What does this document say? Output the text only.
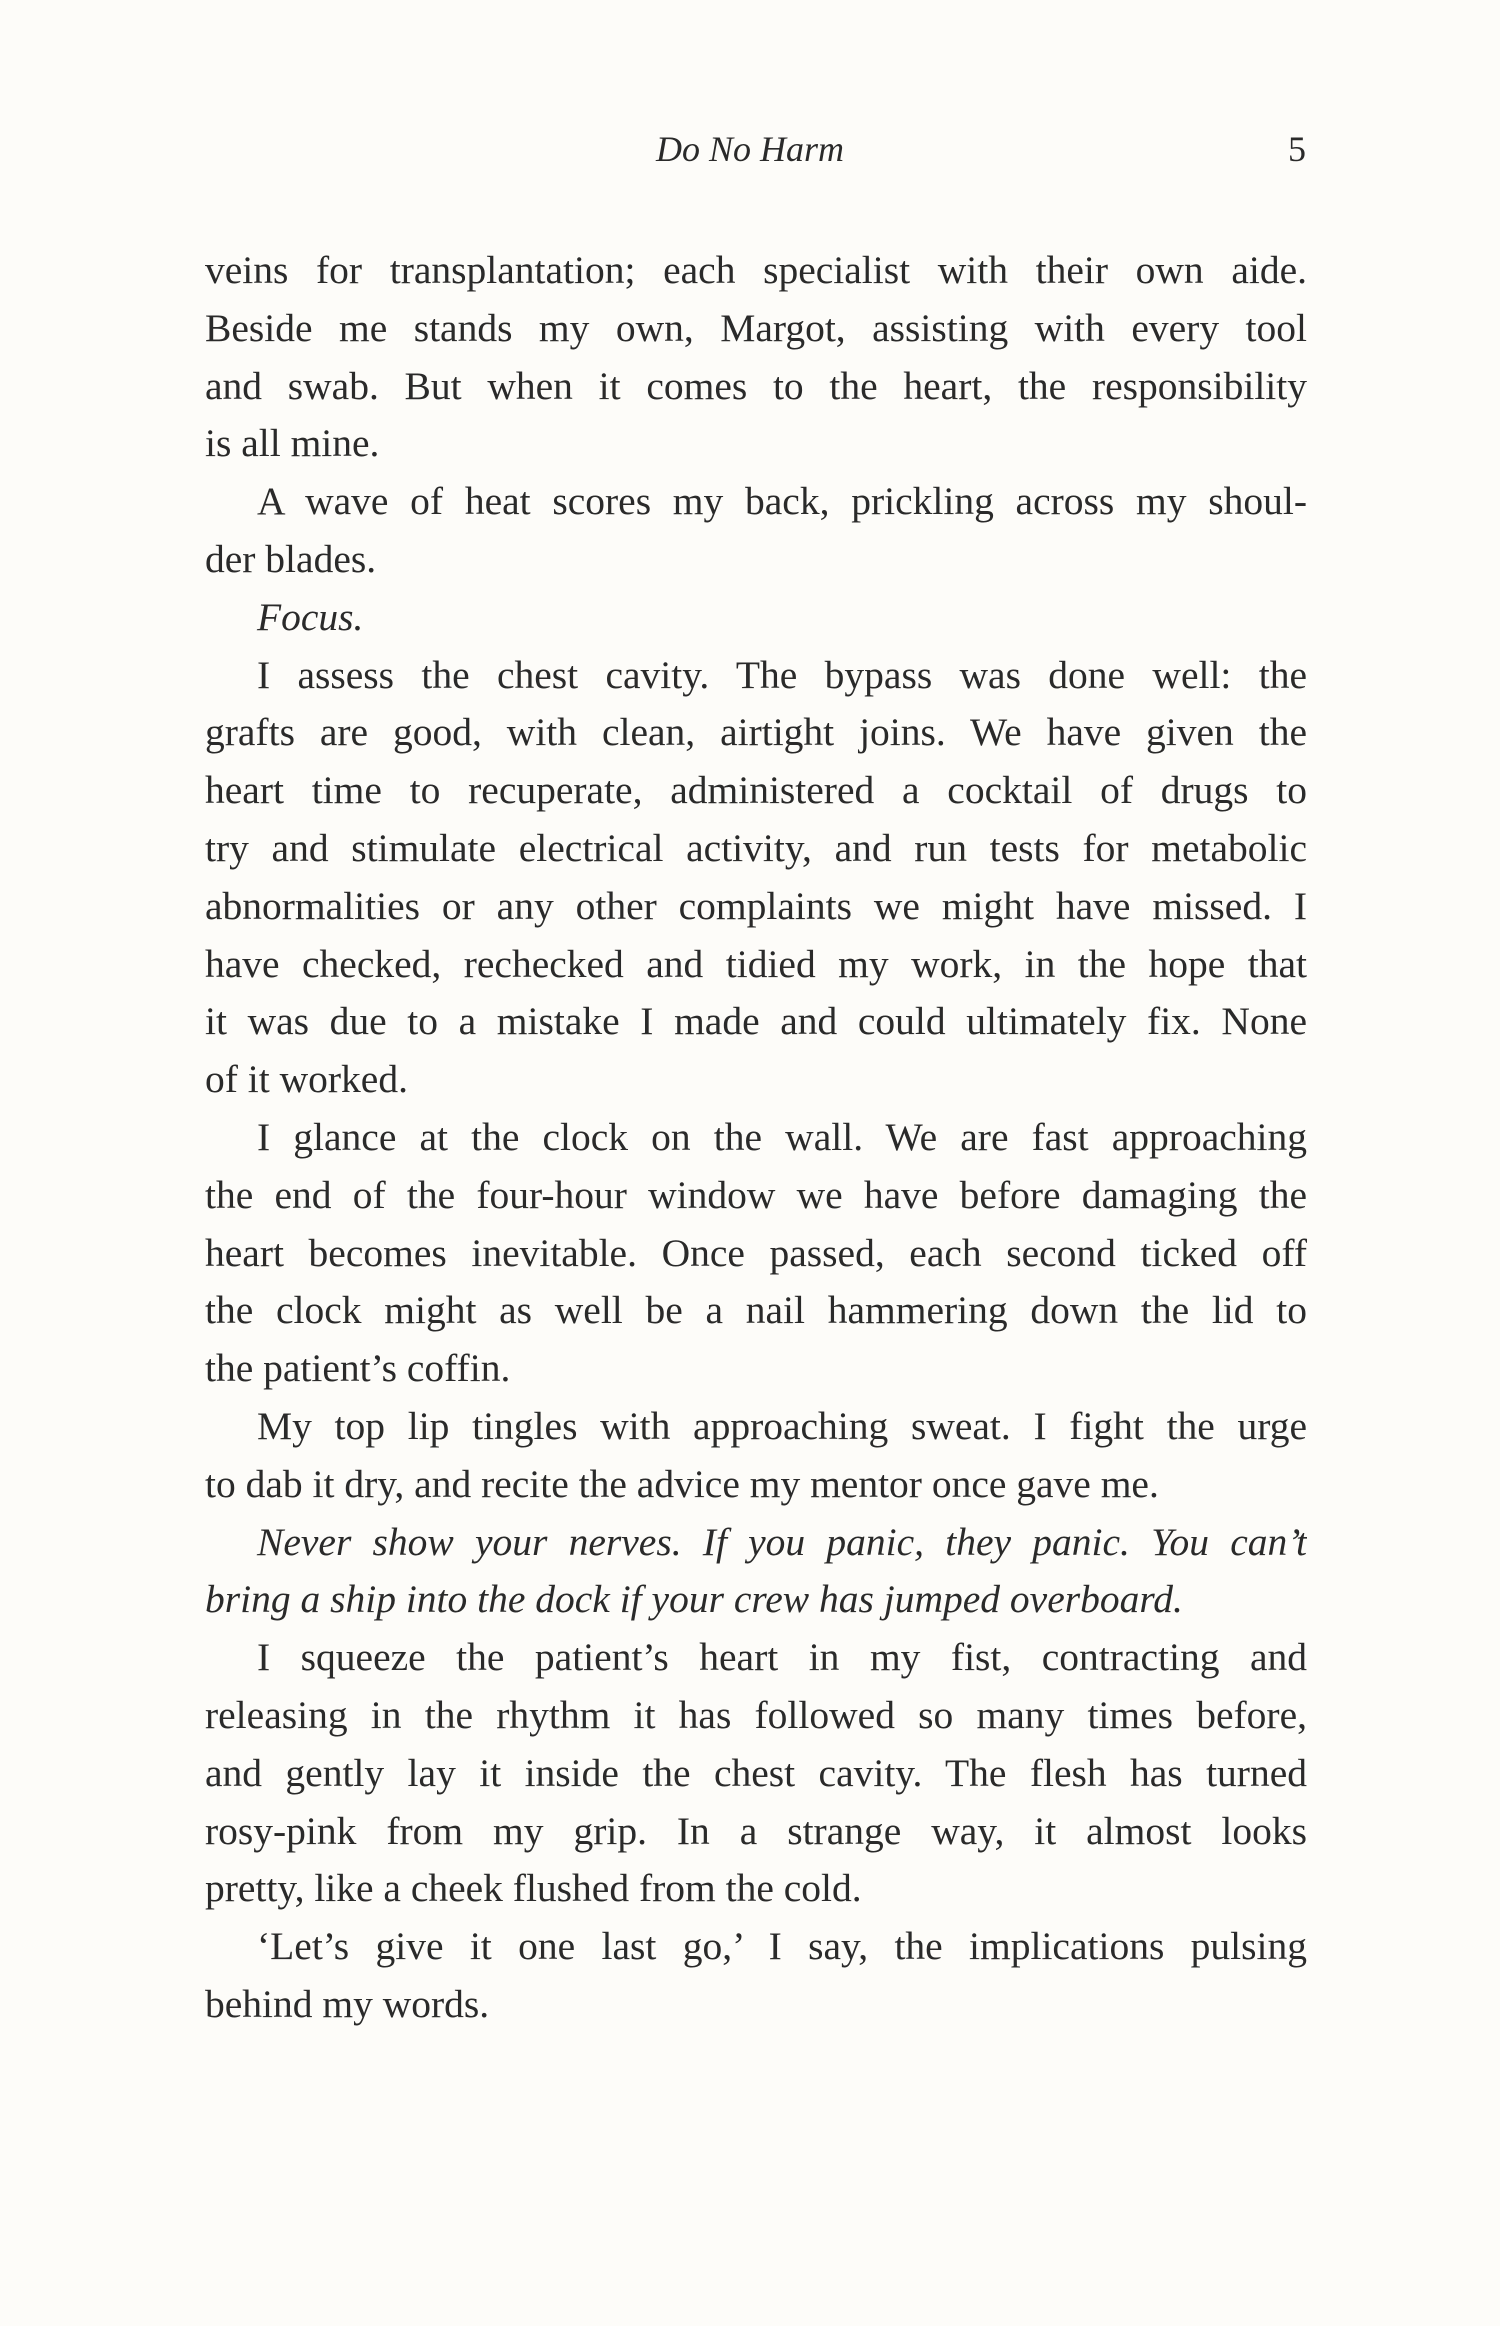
Do No Harm	5
veins for transplantation; each specialist with their own aide.
Beside me stands my own, Margot, assisting with every tool
and swab. But when it comes to the heart, the responsibility
is all mine.
A wave of heat scores my back, prickling across my shoul-
der blades.
Focus.
I assess the chest cavity. The bypass was done well: the
grafts are good, with clean, airtight joins. We have given the
heart time to recuperate, administered a cocktail of drugs to
try and stimulate electrical activity, and run tests for metabolic
abnormalities or any other complaints we might have missed. I
have checked, rechecked and tidied my work, in the hope that
it was due to a mistake I made and could ultimately fix. None
of it worked.
I glance at the clock on the wall. We are fast approaching
the end of the four-hour window we have before damaging the
heart becomes inevitable. Once passed, each second ticked off
the clock might as well be a nail hammering down the lid to
the patient’s coffin.
My top lip tingles with approaching sweat. I fight the urge
to dab it dry, and recite the advice my mentor once gave me.
Never show your nerves. If you panic, they panic. You can’t
bring a ship into the dock if your crew has jumped overboard.
I squeeze the patient’s heart in my fist, contracting and
releasing in the rhythm it has followed so many times before,
and gently lay it inside the chest cavity. The flesh has turned
rosy-pink from my grip. In a strange way, it almost looks
pretty, like a cheek flushed from the cold.
‘Let’s give it one last go,’ I say, the implications pulsing
behind my words.
